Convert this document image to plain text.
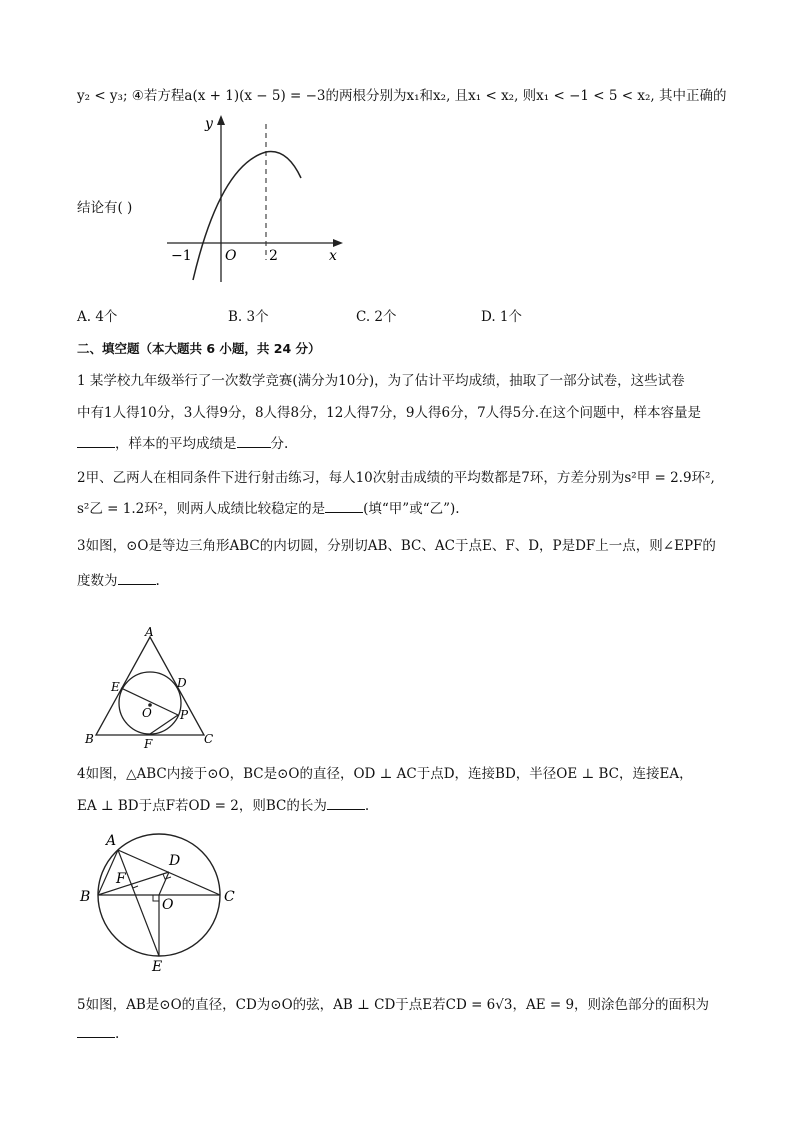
y₂ < y₃; ④若方程a(x + 1)(x − 5) = −3的两根分别为x₁和x₂, 且x₁ < x₂, 则x₁ < −1 < 5 < x₂, 其中正确的
结论有( )
y
x
−1 O 2
A. 4个	B. 3个	C. 2个	D. 1个
二、填空题（本大题共 6 小题，共 24 分）
1 某学校九年级举行了一次数学竞赛(满分为10分)，为了估计平均成绩，抽取了一部分试卷，这些试卷
中有1人得10分，3人得9分，8人得8分，12人得7分，9人得6分，7人得5分.在这个问题中，样本容量是
，样本的平均成绩是	分.
2甲、乙两人在相同条件下进行射击练习，每人10次射击成绩的平均数都是7环，方差分别为s²甲 = 2.9环²,
s²乙 = 1.2环²，则两人成绩比较稳定的是	(填“甲”或“乙”).
3如图，⊙O是等边三角形ABC的内切圆，分别切AB、BC、AC于点E、F、D，P是DF上一点，则∠EPF的
度数为	.
A
B	C
D
E
F
O P
4如图，△ABC内接于⊙O，BC是⊙O的直径，OD ⊥ AC于点D，连接BD，半径OE ⊥ BC，连接EA，
EA ⊥ BD于点F若OD = 2，则BC的长为	.
A
B	C
D
E
F
O
5如图，AB是⊙O的直径，CD为⊙O的弦，AB ⊥ CD于点E若CD = 6√3，AE = 9，则涂色部分的面积为
.
